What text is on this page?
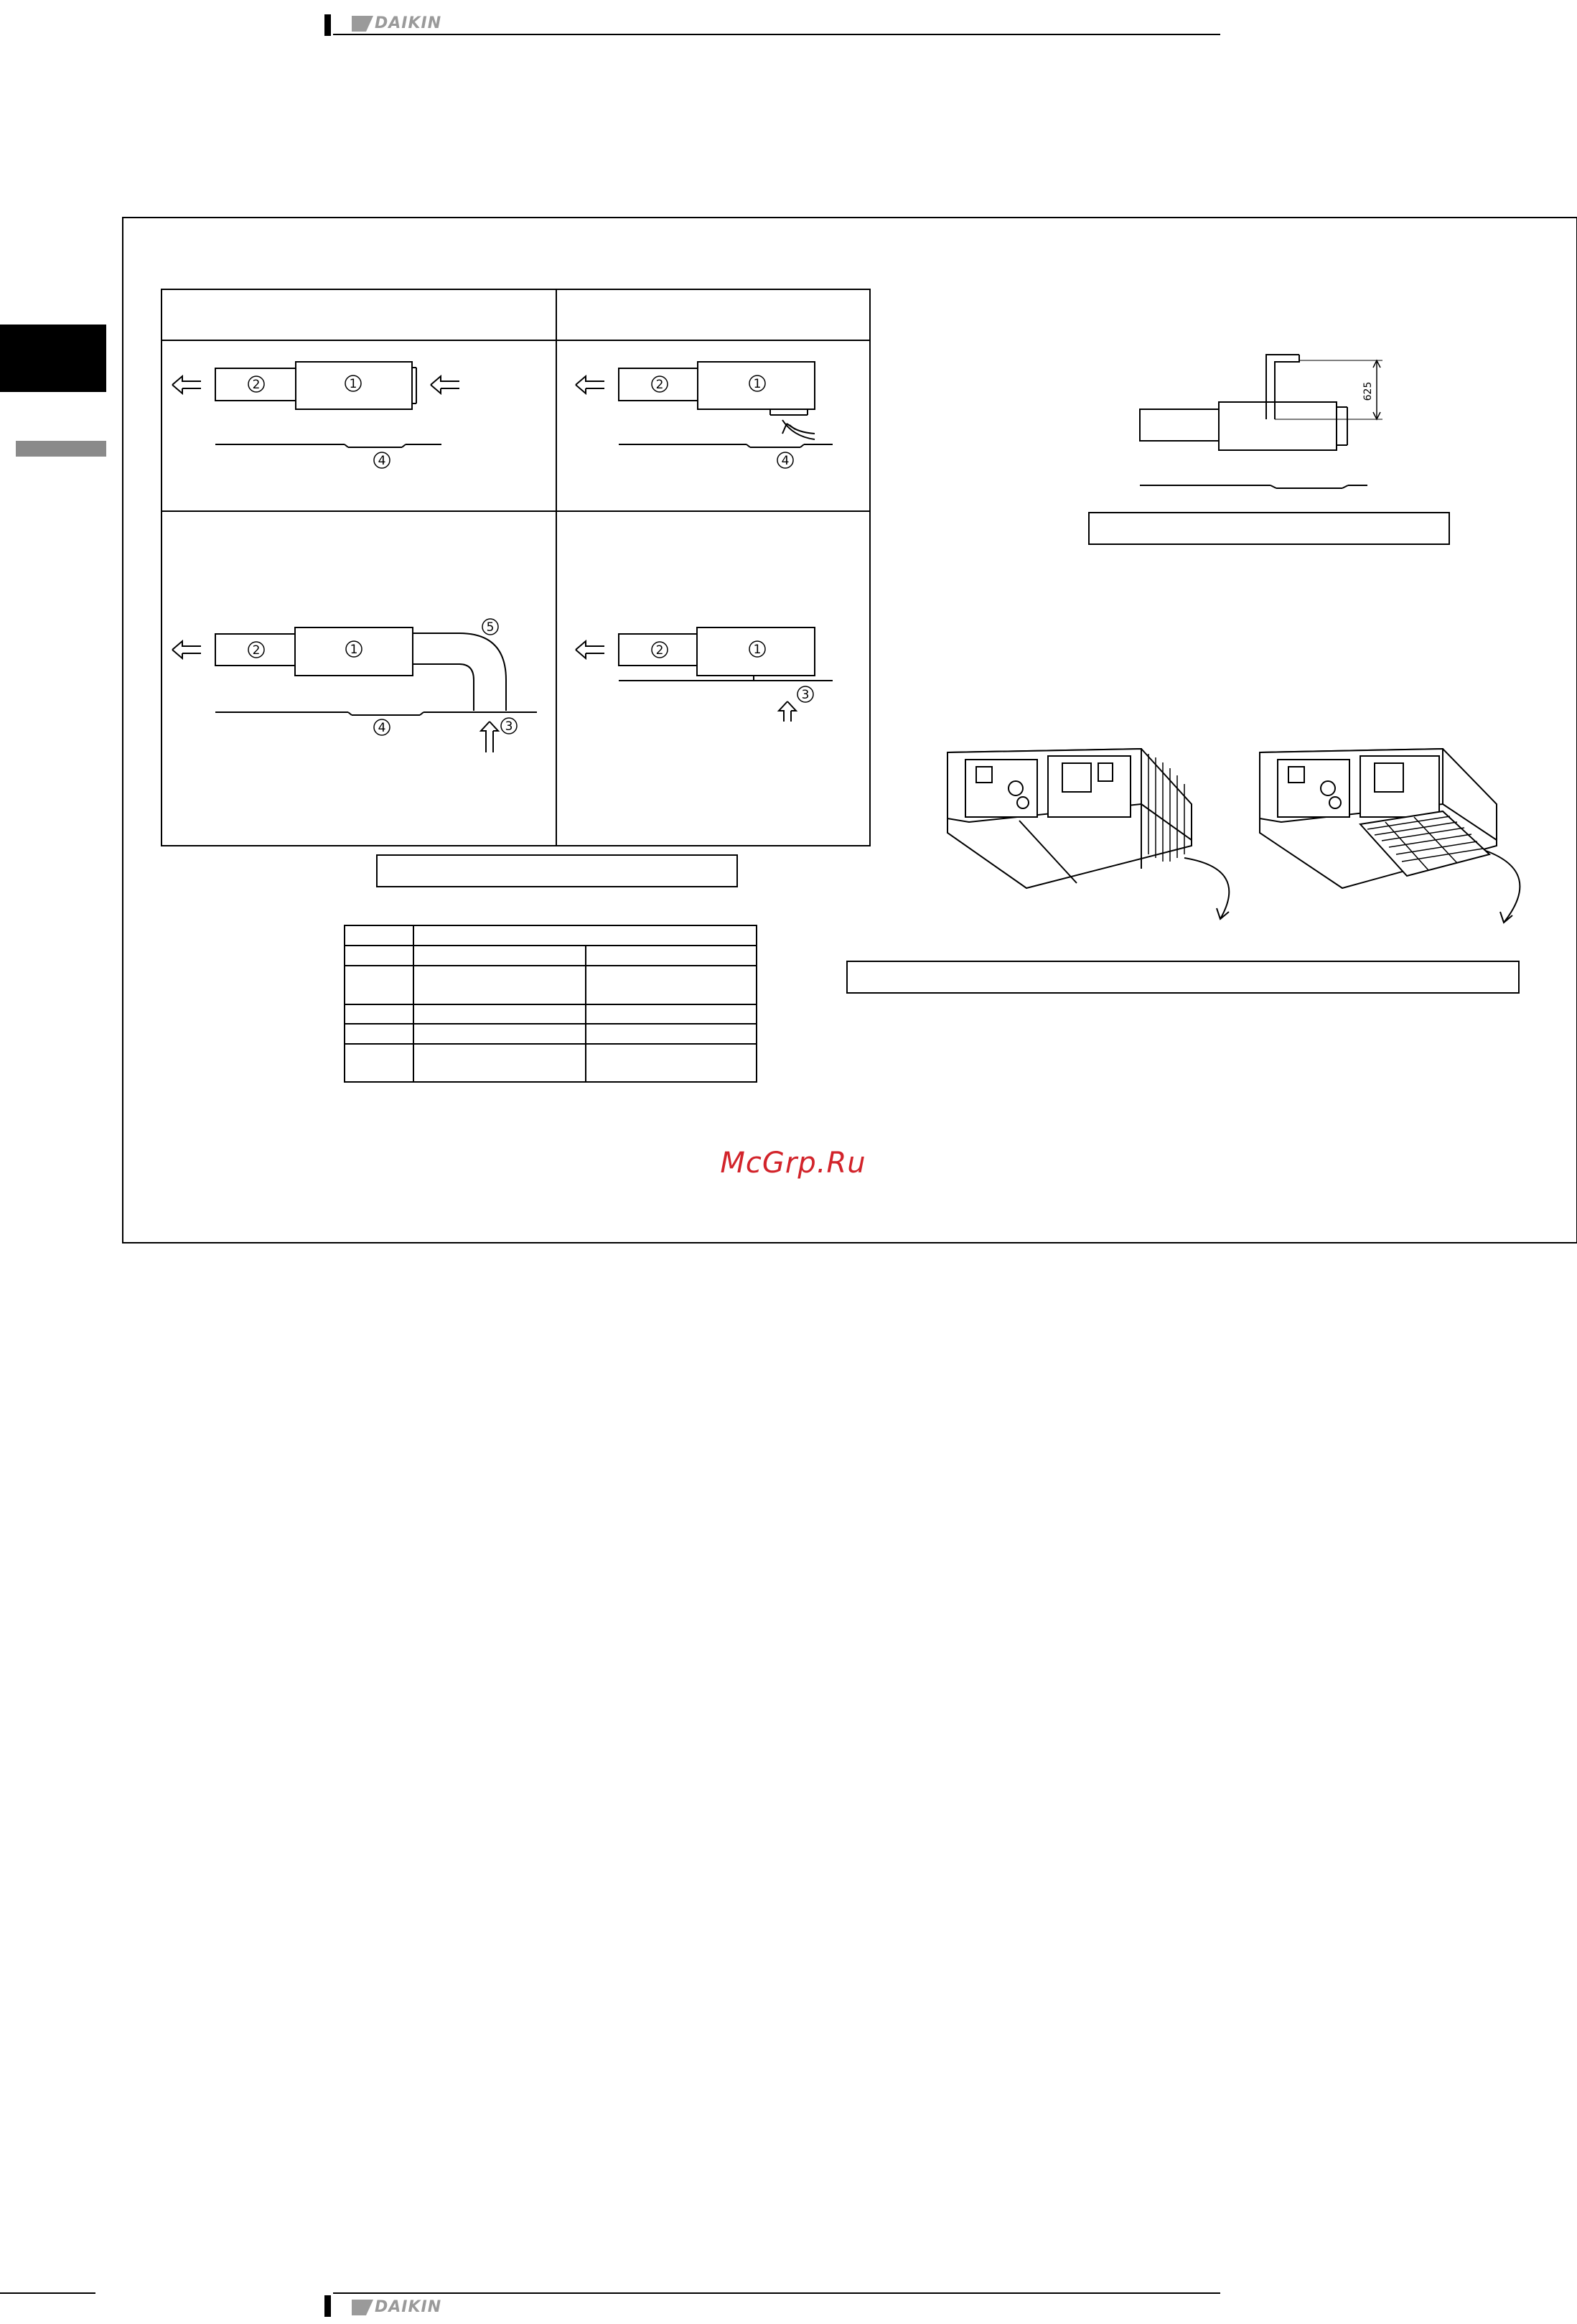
DAIKIN
2	1
4
2	1
4
2	1
5
3
4
2	1
3
625
McGrp.Ru
DAIKIN
